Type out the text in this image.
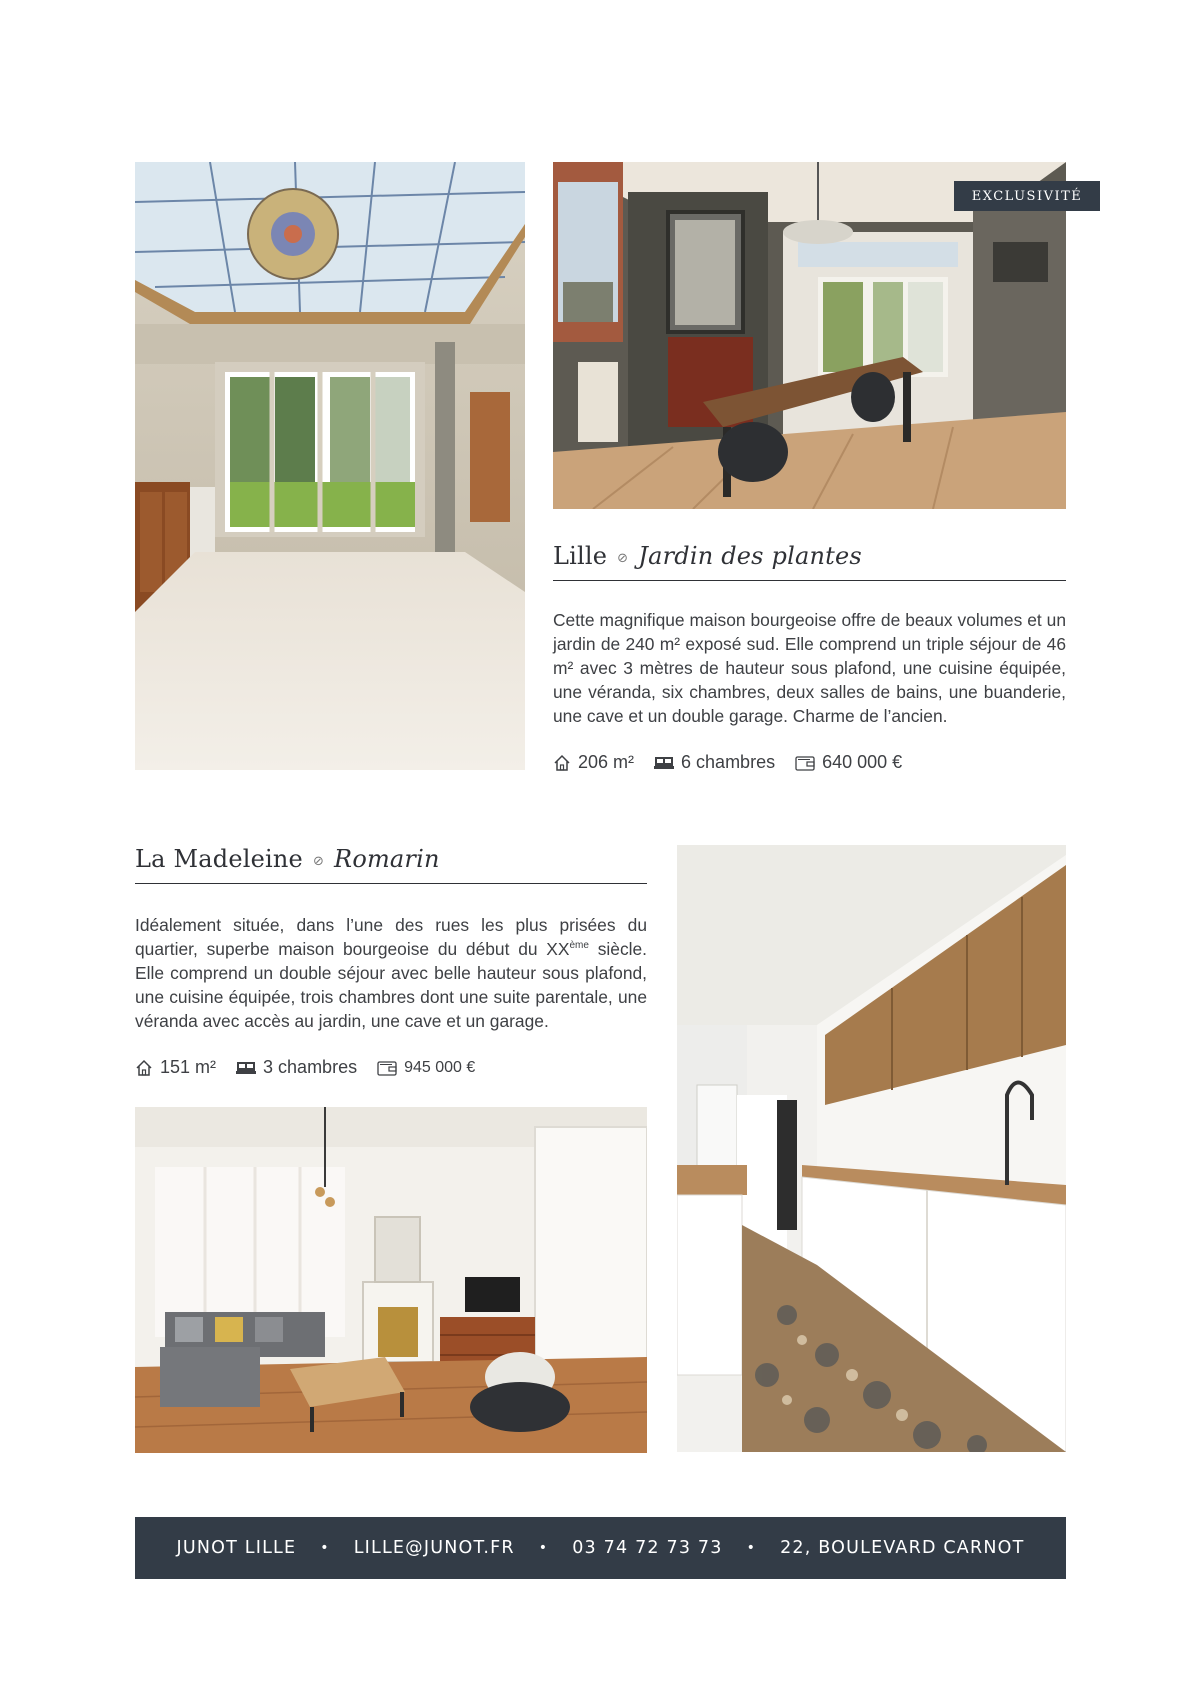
EXCLUSIVITÉ
Lille ⊘ Jardin des plantes
Cette magnifique maison bourgeoise offre de beaux volumes et un jardin de 240 m² exposé sud. Elle comprend un triple séjour de 46 m² avec 3 mètres de hauteur sous plafond, une cuisine équipée, une véranda, six chambres, deux salles de bains, une buanderie, une cave et un double garage. Charme de l’ancien.
206 m²	6 chambres	640 000 €
La Madeleine ⊘ Romarin
Idéalement située, dans l’une des rues les plus prisées du quartier, superbe maison bourgeoise du début du XXème siècle. Elle comprend un double séjour avec belle hauteur sous plafond, une cuisine équipée, trois chambres dont une suite parentale, une véranda avec accès au jardin, une cave et un garage.
151 m²	3 chambres	945 000 €
JUNOT LILLE • LILLE@JUNOT.FR • 03 74 72 73 73 • 22, BOULEVARD CARNOT
